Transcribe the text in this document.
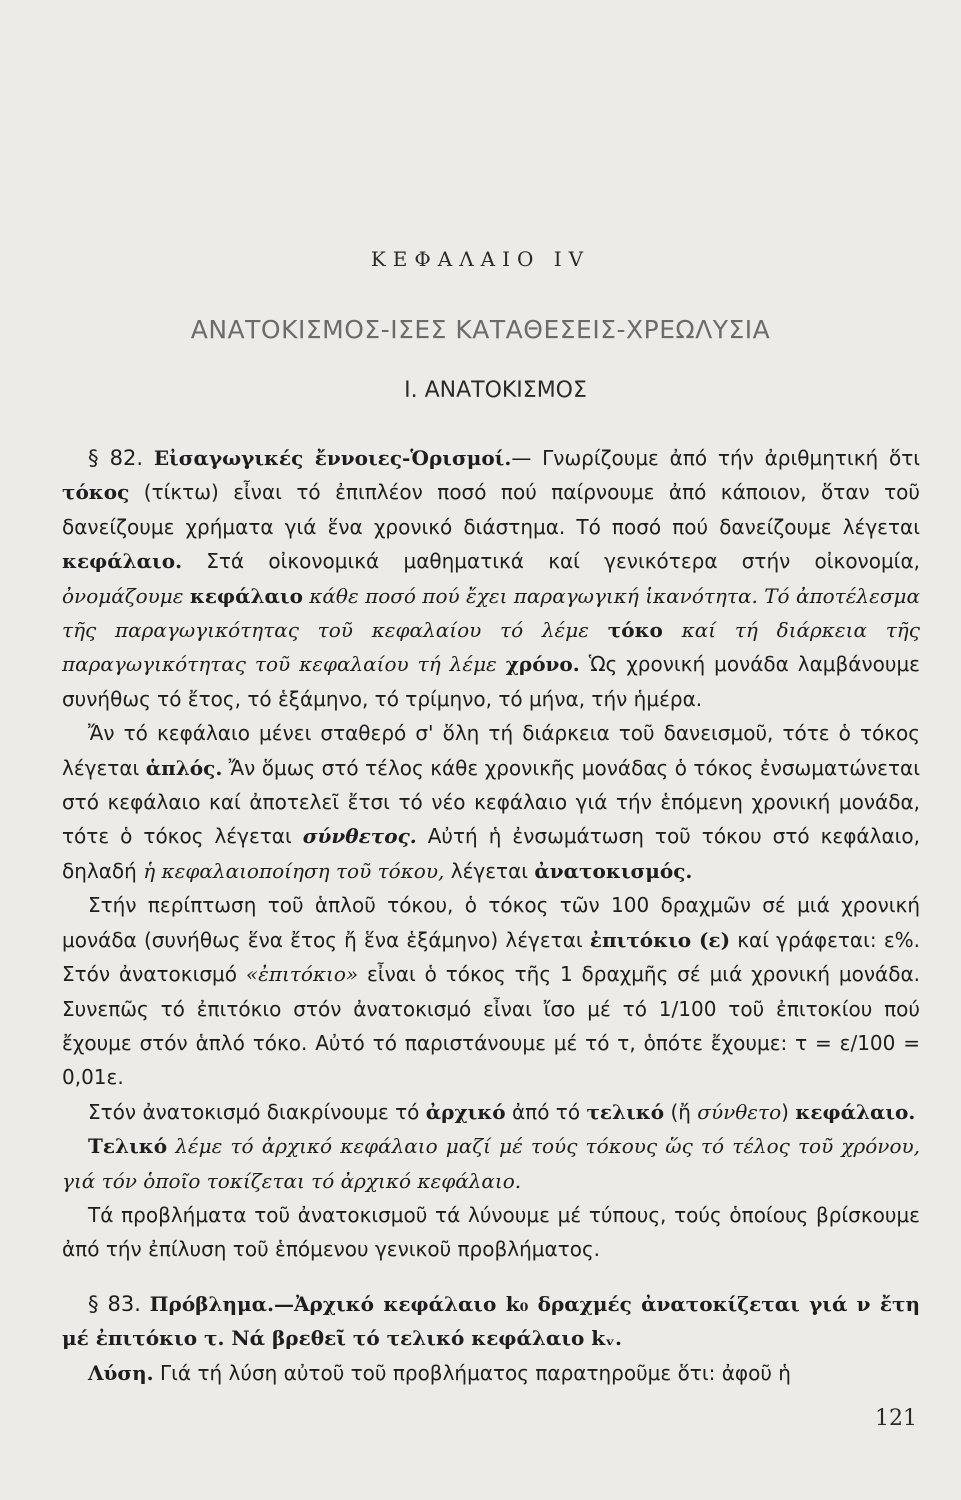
ΚΕΦΑΛΑΙΟ IV
ΑΝΑΤΟΚΙΣΜΟΣ-ΙΣΕΣ ΚΑΤΑΘΕΣΕΙΣ-ΧΡΕΩΛΥΣΙΑ
Ι. ΑΝΑΤΟΚΙΣΜΟΣ

§ 82. Εἰσαγωγικές ἔννοιες-Ὁρισμοί.— Γνωρίζουμε ἀπό τήν ἀριθμητική ὅτι τόκος (τίκτω) εἶναι τό ἐπιπλέον ποσό πού παίρνουμε ἀπό κάποιον, ὅταν τοῦ δανείζουμε χρήματα γιά ἕνα χρονικό διάστημα. Τό ποσό πού δανείζουμε λέγεται κεφάλαιο. Στά οἰκονομικά μαθηματικά καί γενικότερα στήν οἰκονομία, ὀνομάζουμε κεφάλαιο κάθε ποσό πού ἔχει παραγωγική ἱκανότητα. Τό ἀποτέλεσμα τῆς παραγωγικότητας τοῦ κεφαλαίου τό λέμε τόκο καί τή διάρκεια τῆς παραγωγικότητας τοῦ κεφαλαίου τή λέμε χρόνο. Ὡς χρονική μονάδα λαμβάνουμε συνήθως τό ἔτος, τό ἑξάμηνο, τό τρίμηνο, τό μήνα, τήν ἡμέρα.

Ἄν τό κεφάλαιο μένει σταθερό σ' ὅλη τή διάρκεια τοῦ δανεισμοῦ, τότε ὁ τόκος λέγεται ἁπλός. Ἄν ὅμως στό τέλος κάθε χρονικῆς μονάδας ὁ τόκος ἐνσωματώνεται στό κεφάλαιο καί ἀποτελεῖ ἔτσι τό νέο κεφάλαιο γιά τήν ἑπόμενη χρονική μονάδα, τότε ὁ τόκος λέγεται σύνθετος. Αὐτή ἡ ἐνσωμάτωση τοῦ τόκου στό κεφάλαιο, δηλαδή ἡ κεφαλαιοποίηση τοῦ τόκου, λέγεται ἀνατοκισμός.

Στήν περίπτωση τοῦ ἁπλοῦ τόκου, ὁ τόκος τῶν 100 δραχμῶν σέ μιά χρονική μονάδα (συνήθως ἕνα ἔτος ἤ ἕνα ἑξάμηνο) λέγεται ἐπιτόκιο (ε) καί γράφεται: ε%. Στόν ἀνατοκισμό «ἐπιτόκιο» εἶναι ὁ τόκος τῆς 1 δραχμῆς σέ μιά χρονική μονάδα. Συνεπῶς τό ἐπιτόκιο στόν ἀνατοκισμό εἶναι ἴσο μέ τό 1/100 τοῦ ἐπιτοκίου πού ἔχουμε στόν ἁπλό τόκο. Αὐτό τό παριστάνουμε μέ τό τ, ὁπότε ἔχουμε: τ = ε/100 = 0,01ε.

Στόν ἀνατοκισμό διακρίνουμε τό ἀρχικό ἀπό τό τελικό (ἤ σύνθετο) κεφάλαιο.

Τελικό λέμε τό ἀρχικό κεφάλαιο μαζί μέ τούς τόκους ὥς τό τέλος τοῦ χρόνου, γιά τόν ὁποῖο τοκίζεται τό ἀρχικό κεφάλαιο.

Τά προβλήματα τοῦ ἀνατοκισμοῦ τά λύνουμε μέ τύπους, τούς ὁποίους βρίσκουμε ἀπό τήν ἐπίλυση τοῦ ἑπόμενου γενικοῦ προβλήματος.

§ 83. Πρόβλημα.—Ἀρχικό κεφάλαιο k₀ δραχμές ἀνατοκίζεται γιά ν ἔτη μέ ἐπιτόκιο τ. Νά βρεθεῖ τό τελικό κεφάλαιο kᵥ.

Λύση. Γιά τή λύση αὐτοῦ τοῦ προβλήματος παρατηροῦμε ὅτι: ἀφοῦ ἡ

121
